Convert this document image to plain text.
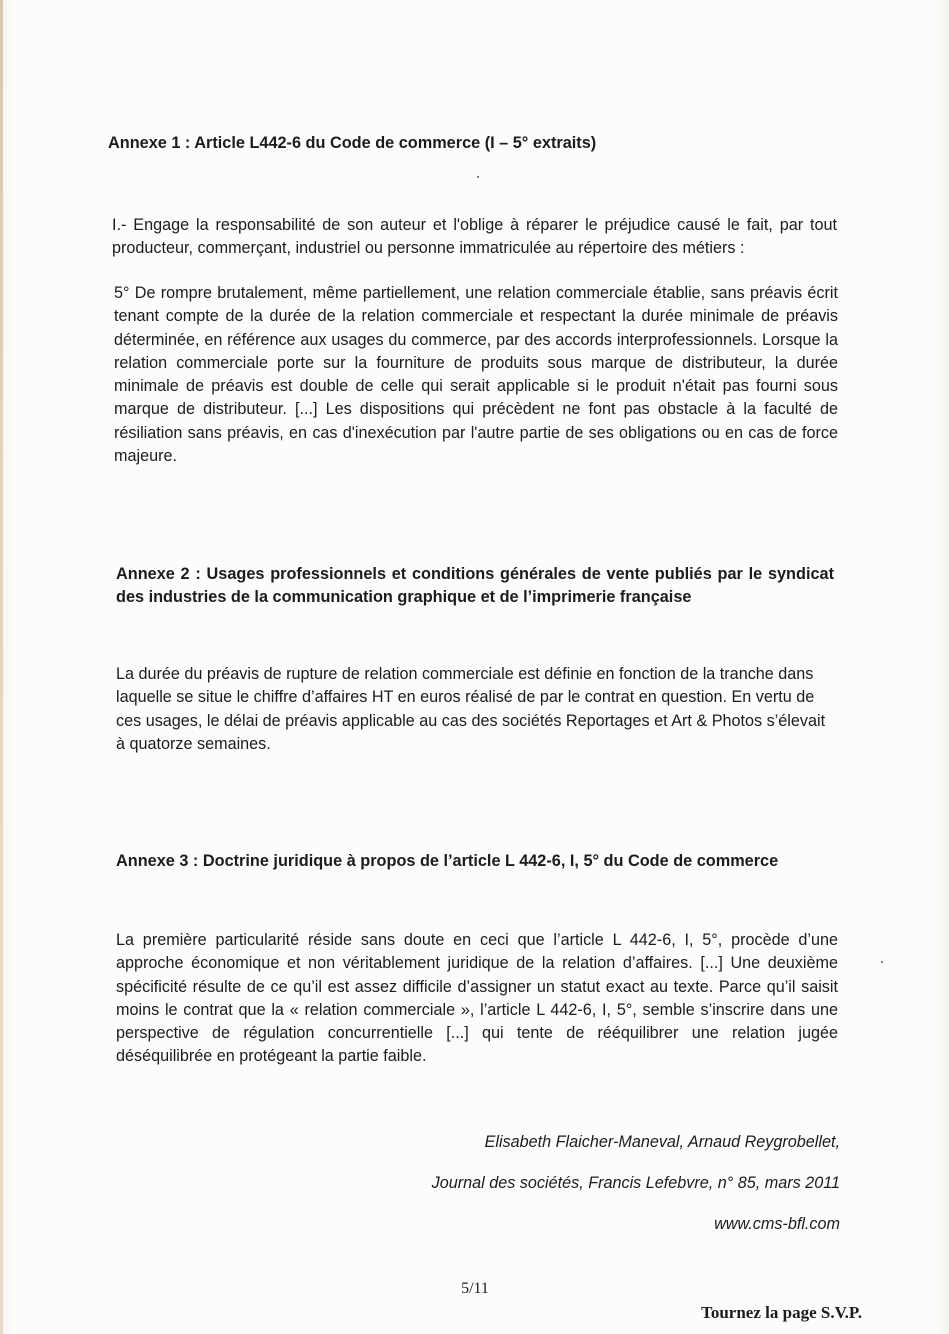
Annexe 1 : Article L442-6 du Code de commerce (I – 5° extraits)

I.- Engage la responsabilité de son auteur et l'oblige à réparer le préjudice causé le fait, par tout producteur, commerçant, industriel ou personne immatriculée au répertoire des métiers :

5° De rompre brutalement, même partiellement, une relation commerciale établie, sans préavis écrit tenant compte de la durée de la relation commerciale et respectant la durée minimale de préavis déterminée, en référence aux usages du commerce, par des accords interprofessionnels. Lorsque la relation commerciale porte sur la fourniture de produits sous marque de distributeur, la durée minimale de préavis est double de celle qui serait applicable si le produit n'était pas fourni sous marque de distributeur. [...] Les dispositions qui précèdent ne font pas obstacle à la faculté de résiliation sans préavis, en cas d'inexécution par l'autre partie de ses obligations ou en cas de force majeure.

Annexe 2 : Usages professionnels et conditions générales de vente publiés par le syndicat des industries de la communication graphique et de l’imprimerie française

La durée du préavis de rupture de relation commerciale est définie en fonction de la tranche dans laquelle se situe le chiffre d’affaires HT en euros réalisé de par le contrat en question. En vertu de ces usages, le délai de préavis applicable au cas des sociétés Reportages et Art & Photos s’élevait à quatorze semaines.

Annexe 3 : Doctrine juridique à propos de l’article L 442-6, I, 5° du Code de commerce

La première particularité réside sans doute en ceci que l’article L 442-6, I, 5°, procède d’une approche économique et non véritablement juridique de la relation d’affaires. [...] Une deuxième spécificité résulte de ce qu’il est assez difficile d’assigner un statut exact au texte. Parce qu’il saisit moins le contrat que la « relation commerciale », l’article L 442-6, I, 5°, semble s’inscrire dans une perspective de régulation concurrentielle [...] qui tente de rééquilibrer une relation jugée déséquilibrée en protégeant la partie faible.

Elisabeth Flaicher-Maneval, Arnaud Reygrobellet,
Journal des sociétés, Francis Lefebvre, n° 85, mars 2011
www.cms-bfl.com
5/11
Tournez la page S.V.P.
